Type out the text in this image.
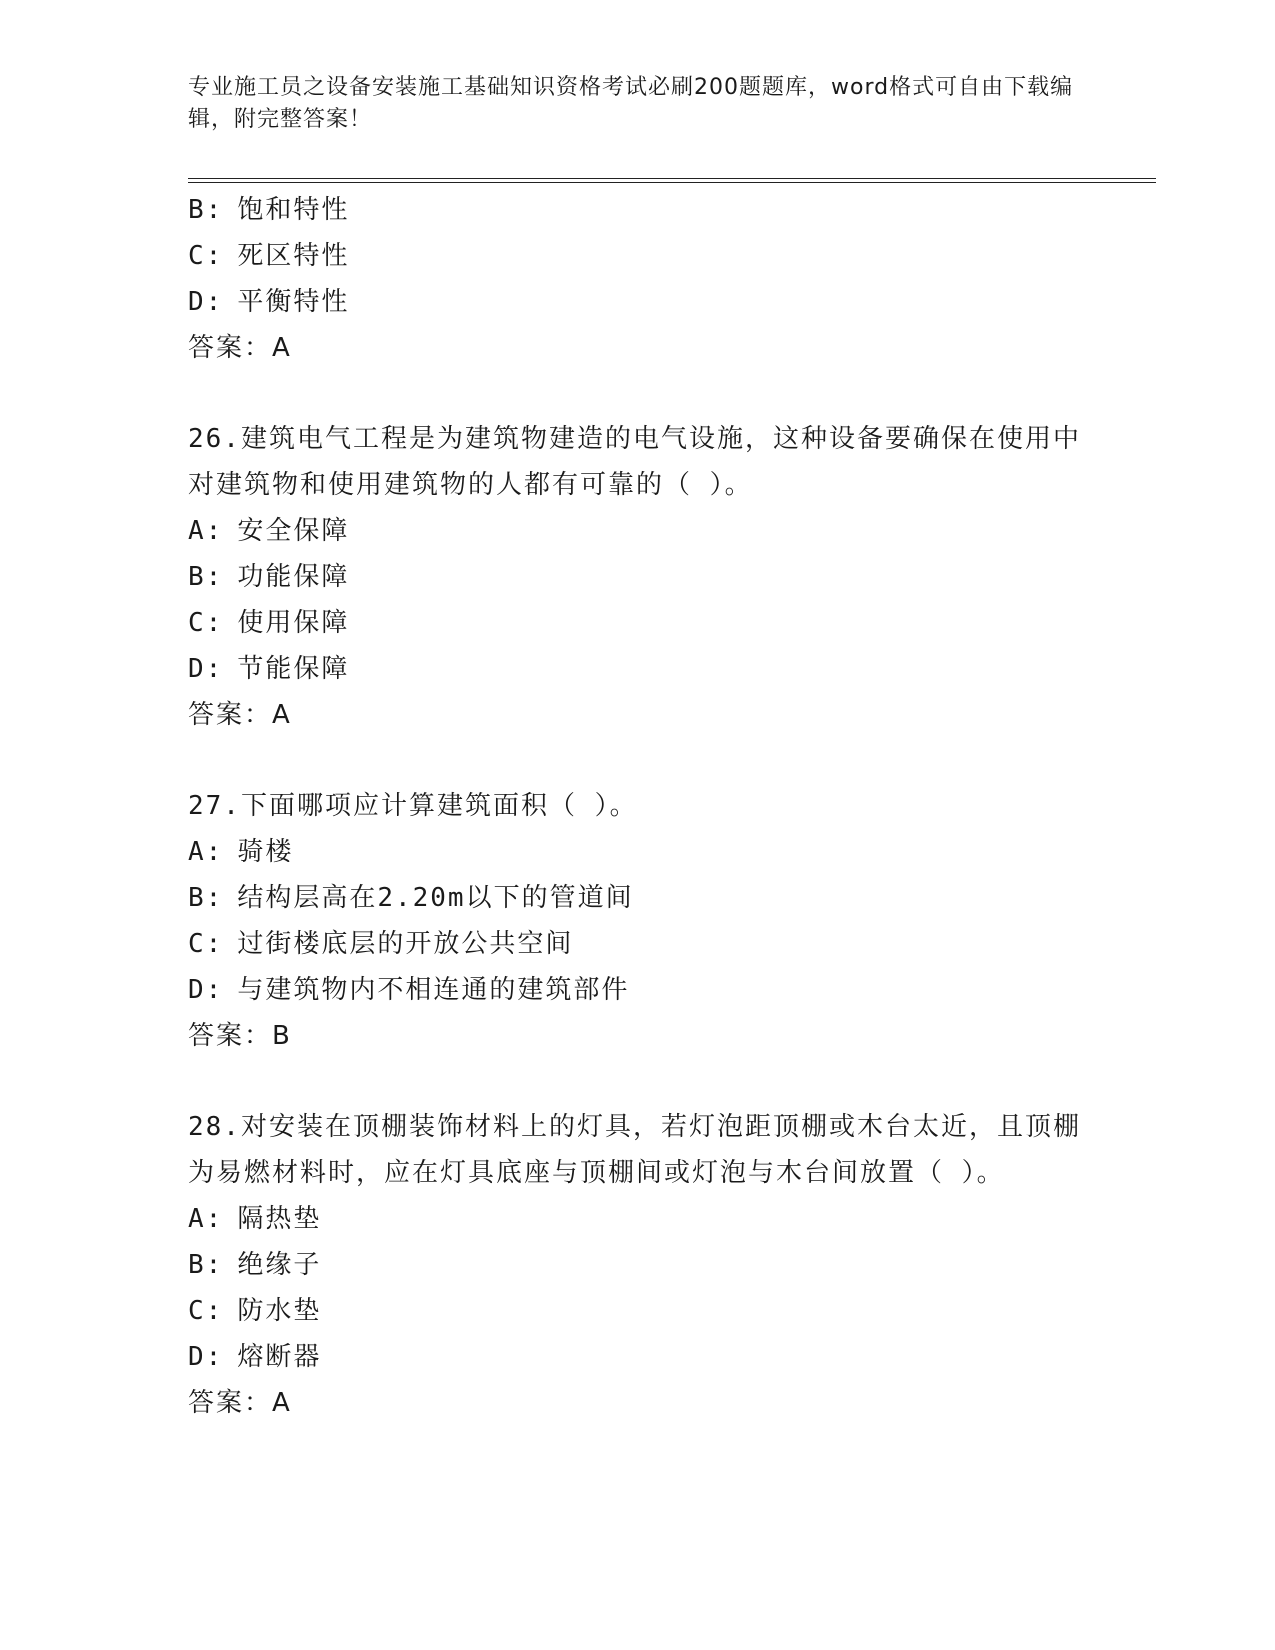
专业施工员之设备安装施工基础知识资格考试必刷200题题库，word格式可自由下载编辑，附完整答案！
B: 饱和特性
C: 死区特性
D: 平衡特性
答案：A
26.建筑电气工程是为建筑物建造的电气设施，这种设备要确保在使用中对建筑物和使用建筑物的人都有可靠的（ ）。
A: 安全保障
B: 功能保障
C: 使用保障
D: 节能保障
答案：A
27.下面哪项应计算建筑面积（ ）。
A: 骑楼
B: 结构层高在2.20m以下的管道间
C: 过街楼底层的开放公共空间
D: 与建筑物内不相连通的建筑部件
答案：B
28.对安装在顶棚装饰材料上的灯具，若灯泡距顶棚或木台太近，且顶棚为易燃材料时，应在灯具底座与顶棚间或灯泡与木台间放置（ ）。
A: 隔热垫
B: 绝缘子
C: 防水垫
D: 熔断器
答案：A
